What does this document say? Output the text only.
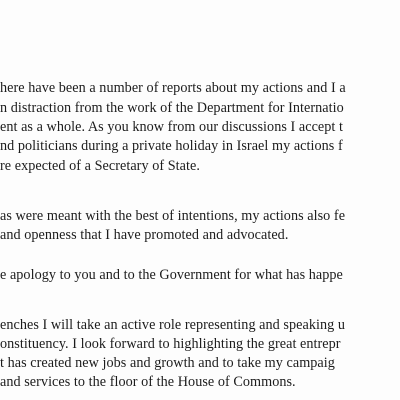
here have been a number of reports about my actions and I a
n distraction from the work of the Department for Internatio
ent as a whole. As you know from our discussions I accept t
nd politicians during a private holiday in Israel my actions f
re expected of a Secretary of State.
as were meant with the best of intentions, my actions also fe
and openness that I have promoted and advocated.
e apology to you and to the Government for what has happe
enches I will take an active role representing and speaking u
onstituency. I look forward to highlighting the great entrepr
t has created new jobs and growth and to take my campaig
and services to the floor of the House of Commons.
